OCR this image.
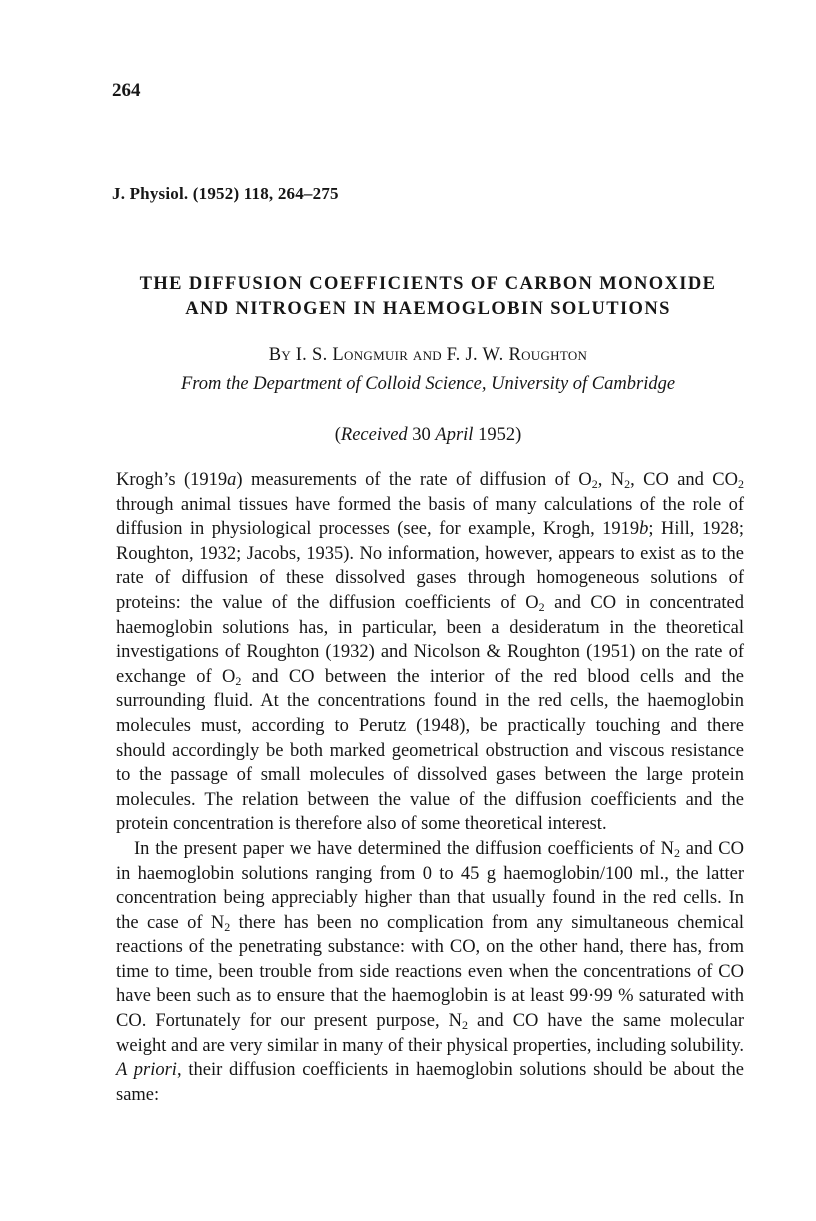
264
J. Physiol. (1952) 118, 264–275
THE DIFFUSION COEFFICIENTS OF CARBON MONOXIDE
AND NITROGEN IN HAEMOGLOBIN SOLUTIONS
By I. S. Longmuir and F. J. W. Roughton
From the Department of Colloid Science, University of Cambridge
(Received 30 April 1952)

Krogh’s (1919a) measurements of the rate of diffusion of $O_2$, $N_2$, CO and $CO_2$ through animal tissues have formed the basis of many calculations of the role of diffusion in physiological processes (see, for example, Krogh, 1919b; Hill, 1928; Roughton, 1932; Jacobs, 1935). No information, however, appears to exist as to the rate of diffusion of these dissolved gases through homogeneous solutions of proteins: the value of the diffusion coefficients of $O_2$ and CO in concentrated haemoglobin solutions has, in particular, been a desideratum in the theoretical investigations of Roughton (1932) and Nicolson & Roughton (1951) on the rate of exchange of $O_2$ and CO between the interior of the red blood cells and the surrounding fluid. At the concentrations found in the red cells, the haemoglobin molecules must, according to Perutz (1948), be practically touching and there should accordingly be both marked geometrical obstruction and viscous resistance to the passage of small molecules of dissolved gases between the large protein molecules. The relation between the value of the diffusion coefficients and the protein concentration is therefore also of some theoretical interest.

In the present paper we have determined the diffusion coefficients of $N_2$ and CO in haemoglobin solutions ranging from 0 to 45 g haemoglobin/100 ml., the latter concentration being appreciably higher than that usually found in the red cells. In the case of $N_2$ there has been no complication from any simultaneous chemical reactions of the penetrating substance: with CO, on the other hand, there has, from time to time, been trouble from side reactions even when the concentrations of CO have been such as to ensure that the haemoglobin is at least 99·99 % saturated with CO. Fortunately for our present purpose, $N_2$ and CO have the same molecular weight and are very similar in many of their physical properties, including solubility. A priori, their diffusion coefficients in haemoglobin solutions should be about the same:
